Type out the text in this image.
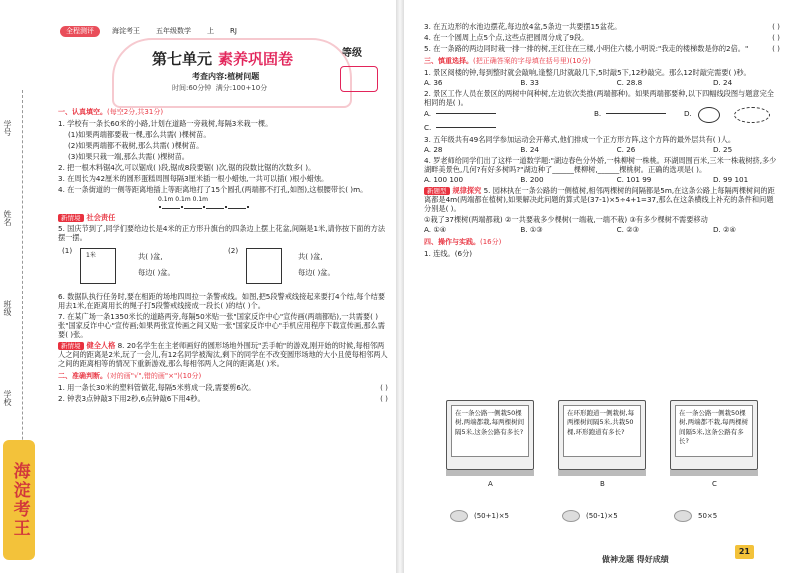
学号
姓名
班级
学校
海淀考王
海淀考王 五年级数学 上 RJ
全程测评
第七单元 素养巩固卷	等级
考查内容:植树问题
时间:60分钟 满分:100+10分
一、认真填空。(每空2分,共31分)
1. 学校有一条长60米的小路,计划在道路一旁栽树,每隔3米栽一棵。
(1)如果两端都要栽一棵,那么共需( )棵树苗。
(2)如果两端都不栽树,那么共需( )棵树苗。
(3)如果只栽一端,那么共需( )棵树苗。
2. 把一根木料锯4次,可以锯成( )段,锯成8段要锯( )次,锯的段数比锯的次数多( )。
3. 在周长为42厘米的圆形蛋糕周围每隔3厘米插一根小蜡烛,一共可以插( )根小蜡烛。
4. 在一条街道的一侧等距离地插上等距离地打了15个圆孔(两端都不打孔,如图),这根腰带长( )m。
0.1m 0.1m 0.1m

新情境 社会责任
5. 国庆节到了,同学们要给边长是4米的正方形升旗台的四条边上摆上花盆,间隔是1米,请你按下面的方法摆一摆。
(1)
1米	共( )盆,
每边( )盆。
(2)
共( )盆,
每边( )盆。
6. 数据队执行任务时,要在相距的场地四周拉一条警戒线。如图,把5段警戒线接起来要打4个结,每个结要用去1米,在距离用长的绳子打5段警戒线接成一段长( )的结( )个。
7. 在某广场一条1350米长的道路两旁,每隔50米贴一张"国家反诈中心"宣传画(两端都贴),一共需要( )张"国家反诈中心"宣传画;如果两张宣传画之间又贴一张"国家反诈中心"手机应用程序下载宣传画,那么需要( )张。
新情境 健全人格 8. 20名学生在主老师画好的圆形场地外围玩"丢手帕"的游戏,刚开始的时候,每相邻两人之间的距离是2米,玩了一会儿,有12名同学被淘汰,剩下的同学在不改变圆形场地的大小且使每相邻两人之间的距离相等的情况下重新游戏,那么每相邻两人之间的距离是( )米。
二、准确判断。(对的画"√",错的画"×")(10分)
1. 用一条长30米的塑料管做花,每隔5米剪成一段,需要剪6次。	( )
2. 钟表3点钟敲3下用2秒,6点钟敲6下用4秒。	( )
3. 在五边形的水池边摆花,每边放4盆,5条边一共要摆15盆花。	( )
4. 在一个圆周上点5个点,这些点把圆周分成了9段。	( )
5. 在一条路的两边同时栽一排一排的树,王红住在三楼,小明住六楼,小明说:"我走的楼梯数是你的2倍。"	( )
三、慎重选择。(把正确答案的字母填在括号里)(10分)
1. 景区阅楼的钟,每到整时就会敲响,逢整几时就敲几下,5时敲5下,12秒敲完。那么12时敲完需要( )秒。
A. 36	B. 33	C. 28.8	D. 24
2. 景区工作人员在景区的两树中间种树,左边依次类推(两端都种)。如果两端都要种,以下四幅线段图与题意完全相同的是( )。
A.	B.
C.
D.
3. 五年级共有49名同学参加运动会开幕式,他们排成一个正方形方阵,这个方阵的最外层共有( )人。
A. 28	B. 24	C. 26	D. 25
4. 罗老师给同学们出了这样一道数学题:"湖边春色分外娇,一株柳树一株桃。环湖周围百米,三米一株栽树挤,多少湖畔美景色,几何?有好多树吗?"湖边种了______棵柳树,______棵桃树。正确的选项是( )。
A. 100 100	B. 200	C. 101 99	D. 99 101
新题型 规律探究 5. 园林执在一条公路的一侧植树,相邻两棵树的间隔都是5m,在这条公路上每隔两棵树间的距离都是4m(两端都在植树),如果解决此问题的算式是(37-1)×5÷4+1=37,那么在这条横线上补充的条件和问题分别是( )。
①栽了37棵树(两端都栽) ②一共要栽多少棵树(一端栽,一端不栽) ③有多少棵树不需要移动
A. ①④	B. ①③	C. ②③	D. ②④
四、操作与实践。(16分)
1. 连线。(6分)
在一条公路一侧栽50棵树,两端都栽,每两棵树间隔5米,这条公路有多长?
A
在环形跑道一侧栽树,每两棵树间隔5米,共栽50棵,环形跑道有多长?
B
在一条公路一侧栽50棵树,两端都不栽,每两棵树间隔5米,这条公路有多长?
C
(50+1)×5	(50-1)×5	50×5
做神龙题 得好成绩
21
